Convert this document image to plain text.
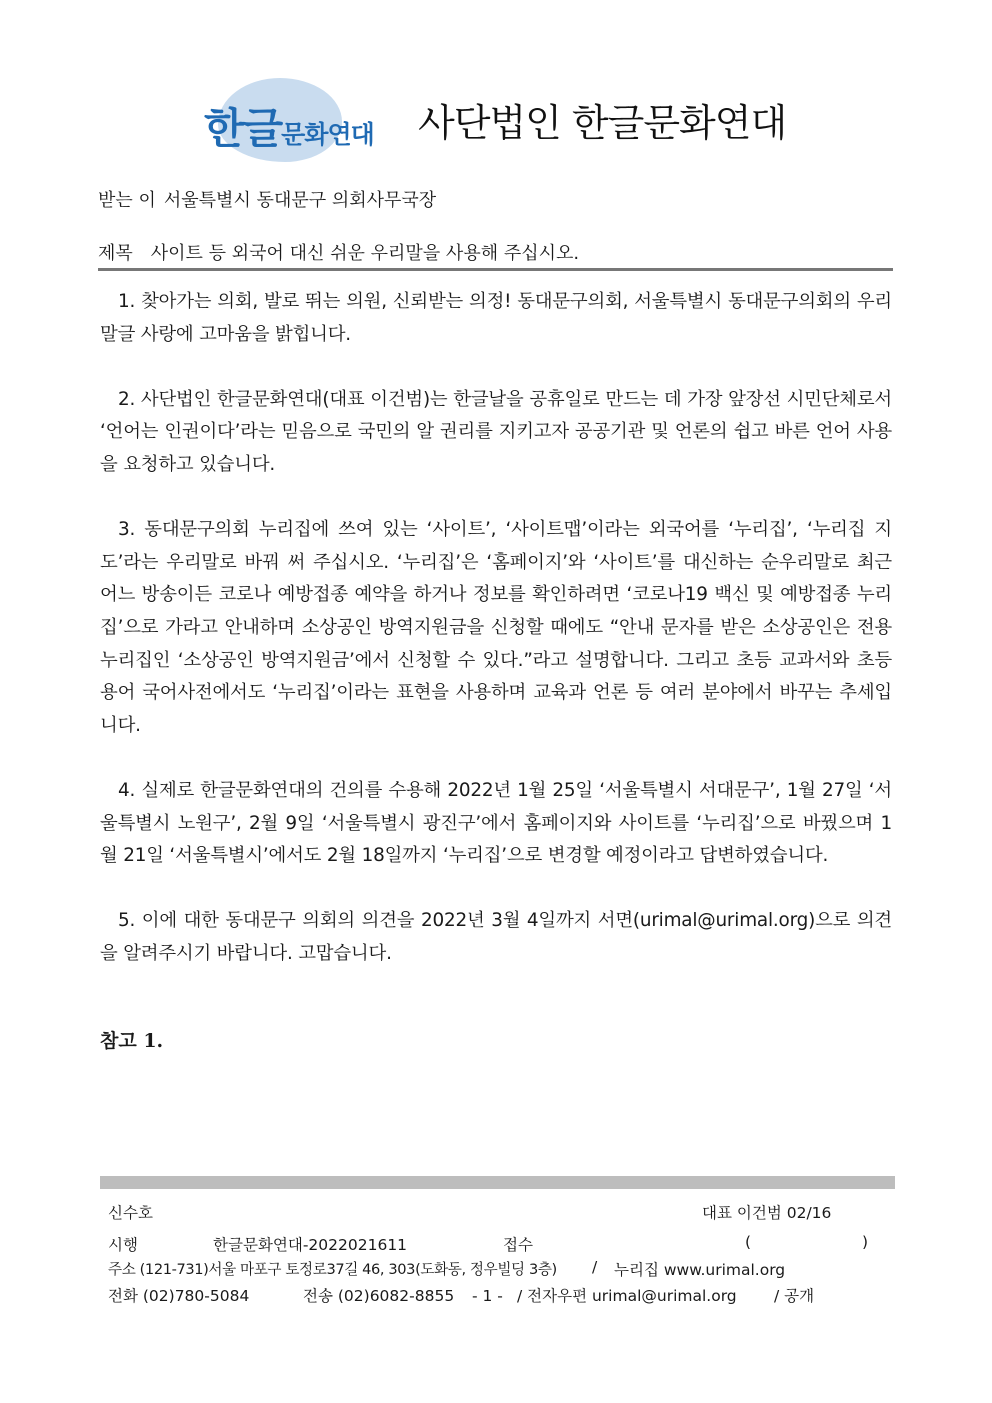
한글문화연대 사단법인 한글문화연대
받는 이 서울특별시 동대문구 의회사무국장
제목 사이트 등 외국어 대신 쉬운 우리말을 사용해 주십시오.

1. 찾아가는 의회, 발로 뛰는 의원, 신뢰받는 의정! 동대문구의회, 서울특별시 동대문구의회의 우리말글 사랑에 고마움을 밝힙니다.

2. 사단법인 한글문화연대(대표 이건범)는 한글날을 공휴일로 만드는 데 가장 앞장선 시민단체로서 ‘언어는 인권이다’라는 믿음으로 국민의 알 권리를 지키고자 공공기관 및 언론의 쉽고 바른 언어 사용을 요청하고 있습니다.

3. 동대문구의회 누리집에 쓰여 있는 ‘사이트’, ‘사이트맵’이라는 외국어를 ‘누리집’, ‘누리집 지도’라는 우리말로 바꿔 써 주십시오. ‘누리집’은 ‘홈페이지’와 ‘사이트’를 대신하는 순우리말로 최근 어느 방송이든 코로나 예방접종 예약을 하거나 정보를 확인하려면 ‘코로나19 백신 및 예방접종 누리집’으로 가라고 안내하며 소상공인 방역지원금을 신청할 때에도 “안내 문자를 받은 소상공인은 전용 누리집인 ‘소상공인 방역지원금’에서 신청할 수 있다.”라고 설명합니다. 그리고 초등 교과서와 초등 용어 국어사전에서도 ‘누리집’이라는 표현을 사용하며 교육과 언론 등 여러 분야에서 바꾸는 추세입니다.

4. 실제로 한글문화연대의 건의를 수용해 2022년 1월 25일 ‘서울특별시 서대문구’, 1월 27일 ‘서울특별시 노원구’, 2월 9일 ‘서울특별시 광진구’에서 홈페이지와 사이트를 ‘누리집’으로 바꿨으며 1월 21일 ‘서울특별시’에서도 2월 18일까지 ‘누리집’으로 변경할 예정이라고 답변하였습니다.

5. 이에 대한 동대문구 의회의 의견을 2022년 3월 4일까지 서면(urimal@urimal.org)으로 의견을 알려주시기 바랍니다. 고맙습니다.

참고 1.
신수호	대표 이건범 02/16
시행	한글문화연대-2022021611	접수	(	)
주소 (121-731)서울 마포구 토정로37길 46, 303(도화동, 정우빌딩 3층) / 누리집 www.urimal.org
전화 (02)780-5084	전송 (02)6082-8855 - 1 - / 전자우편 urimal@urimal.org / 공개
